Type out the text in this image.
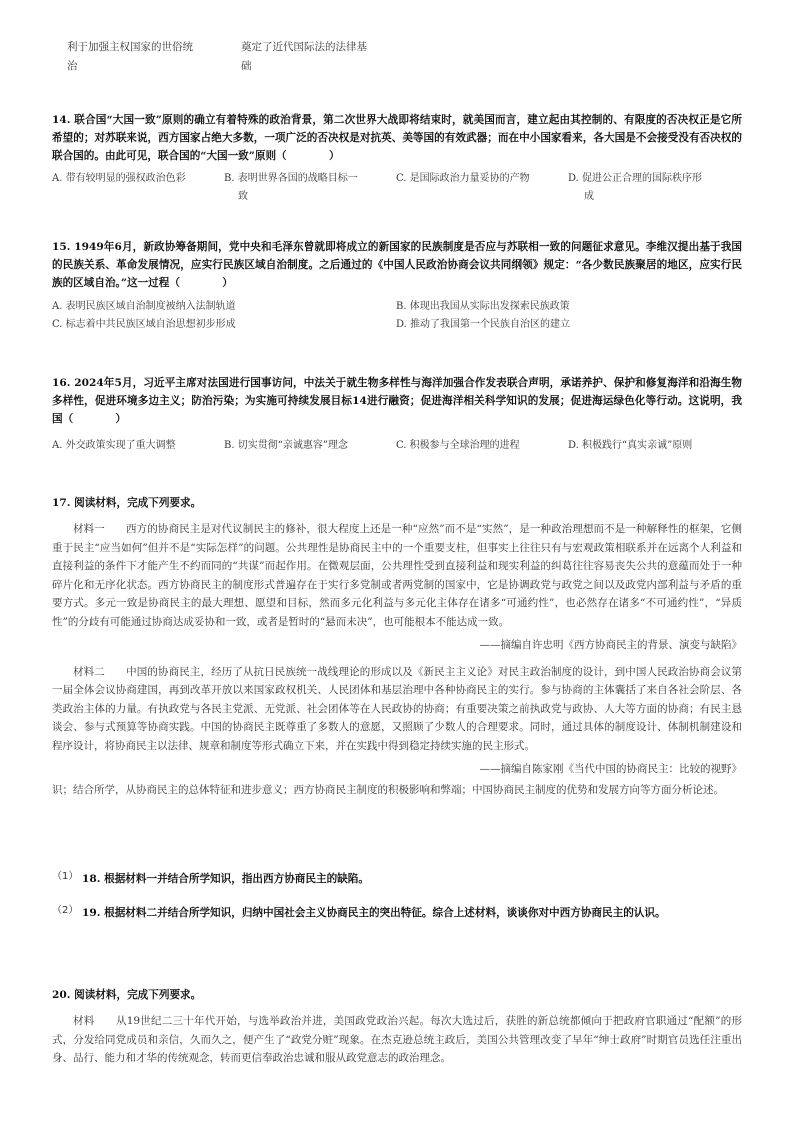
利于加强主权国家的世俗统
治
奠定了近代国际法的法律基
础
14. 联合国“大国一致”原则的确立有着特殊的政治背景，第二次世界大战即将结束时，就美国而言，建立起由其控制的、有限度的否决权正是它所希望的；对苏联来说，西方国家占绝大多数，一项广泛的否决权是对抗英、美等国的有效武器；而在中小国家看来，各大国是不会接受没有否决权的联合国的。由此可见，联合国的“大国一致”原则（　　　　）
A. 带有较明显的强权政治色彩	B. 表明世界各国的战略目标一
致
C. 是国际政治力量妥协的产物	D. 促进公正合理的国际秩序形
成
15. 1949年6月，新政协筹备期间，党中央和毛泽东曾就即将成立的新国家的民族制度是否应与苏联相一致的问题征求意见。李维汉提出基于我国的民族关系、革命发展情况，应实行民族区域自治制度。之后通过的《中国人民政治协商会议共同纲领》规定：“各少数民族聚居的地区，应实行民族的区域自治。”这一过程（　　　　）
A. 表明民族区域自治制度被纳入法制轨道	B. 体现出我国从实际出发探索民族政策
C. 标志着中共民族区域自治思想初步形成	D. 推动了我国第一个民族自治区的建立
16. 2024年5月，习近平主席对法国进行国事访问，中法关于就生物多样性与海洋加强合作发表联合声明，承诺养护、保护和修复海洋和沿海生物多样性，促进环境多边主义；防治污染；为实施可持续发展目标14进行融资；促进海洋相关科学知识的发展；促进海运绿色化等行动。这说明，我国（　　　　）
A. 外交政策实现了重大调整	B. 切实贯彻“亲诚惠容”理念	C. 积极参与全球治理的进程	D. 积极践行“真实亲诚”原则
17. 阅读材料，完成下列要求。
材料一　　西方的协商民主是对代议制民主的修补，很大程度上还是一种“应然”而不是“实然”，是一种政治理想而不是一种解释性的框架，它侧重于民主“应当如何”但并不是“实际怎样”的问题。公共理性是协商民主中的一个重要支柱，但事实上往往只有与宏观政策相联系并在远离个人利益和直接利益的条件下才能产生不约而同的“共谋”而起作用。在微观层面，公共理性受到直接利益和现实利益的纠葛往往容易丧失公共的意蕴而处于一种碎片化和无序化状态。西方协商民主的制度形式普遍存在于实行多党制或者两党制的国家中，它是协调政党与政党之间以及政党内部利益与矛盾的重要方式。多元一致是协商民主的最大理想、愿望和目标，然而多元化利益与多元化主体存在诸多“可通约性”，也必然存在诸多“不可通约性”，“异质性”的分歧有可能通过协商达成妥协和一致，或者是暂时的“悬而未决”，也可能根本不能达成一致。
——摘编自许忠明《西方协商民主的背景、演变与缺陷》
材料二　　中国的协商民主，经历了从抗日民族统一战线理论的形成以及《新民主主义论》对民主政治制度的设计，到中国人民政治协商会议第一届全体会议协商建国，再到改革开放以来国家政权机关、人民团体和基层治理中各种协商民主的实行。参与协商的主体囊括了来自各社会阶层、各类政治主体的力量。有执政党与各民主党派、无党派、社会团体等在人民政协的协商；有重要决策之前执政党与政协、人大等方面的协商；有民主恳谈会、参与式预算等协商实践。中国的协商民主既尊重了多数人的意愿，又照顾了少数人的合理要求。同时，通过具体的制度设计、体制机制建设和程序设计，将协商民主以法律、规章和制度等形式确立下来，并在实践中得到稳定持续实施的民主形式。
——摘编自陈家刚《当代中国的协商民主：比较的视野》
识；结合所学，从协商民主的总体特征和进步意义；西方协商民主制度的积极影响和弊端；中国协商民主制度的优势和发展方向等方面分析论述。
（1） 18. 根据材料一并结合所学知识，指出西方协商民主的缺陷。
（2） 19. 根据材料二并结合所学知识，归纳中国社会主义协商民主的突出特征。综合上述材料，谈谈你对中西方协商民主的认识。
20. 阅读材料，完成下列要求。
材料　　从19世纪二三十年代开始，与选举政治并进，美国政党政治兴起。每次大选过后，获胜的新总统都倾向于把政府官职通过“配额”的形式，分发给同党成员和亲信，久而久之，便产生了“政党分赃”现象。在杰克逊总统主政后，美国公共管理改变了早年“绅士政府”时期官员选任注重出身、品行、能力和才华的传统观念，转而更信奉政治忠诚和服从政党意志的政治理念。
